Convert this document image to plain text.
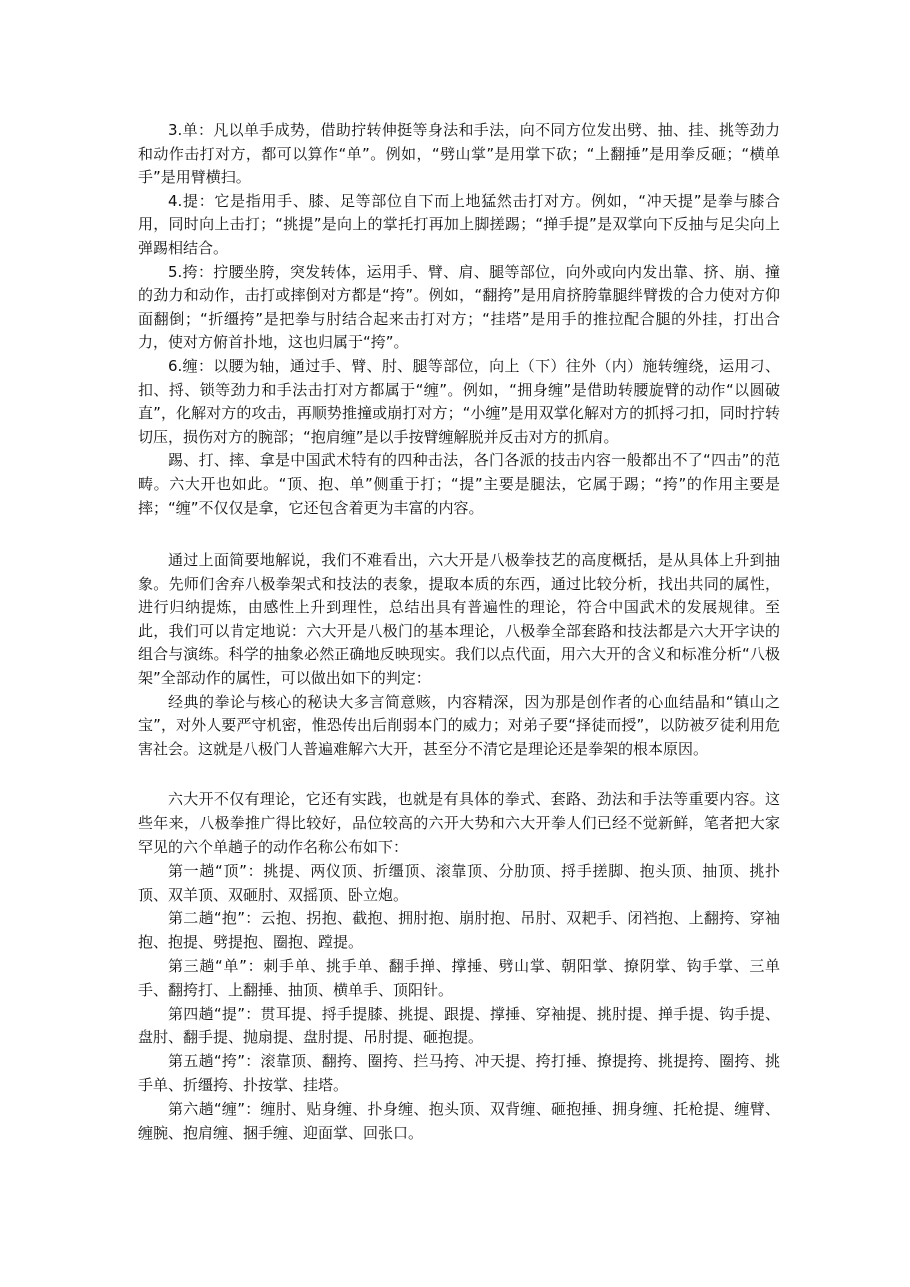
3.单：凡以单手成势，借助拧转伸挺等身法和手法，向不同方位发出劈、抽、挂、挑等劲力和动作击打对方，都可以算作“单”。例如，“劈山掌”是用掌下砍；“上翻捶”是用拳反砸；“横单手”是用臂横扫。

4.提：它是指用手、膝、足等部位自下而上地猛然击打对方。例如，“冲天提”是拳与膝合用，同时向上击打；“挑提”是向上的掌托打再加上脚搓踢；“掸手提”是双掌向下反抽与足尖向上弹踢相结合。

5.挎：拧腰坐胯，突发转体，运用手、臂、肩、腿等部位，向外或向内发出靠、挤、崩、撞的劲力和动作，击打或摔倒对方都是“挎”。例如，“翻挎”是用肩挤胯靠腿绊臂拨的合力使对方仰面翻倒；“折缰挎”是把拳与肘结合起来击打对方；“挂塔”是用手的推拉配合腿的外挂，打出合力，使对方俯首扑地，这也归属于“挎”。

6.缠：以腰为轴，通过手、臂、肘、腿等部位，向上（下）往外（内）施转缠绕，运用刁、扣、捋、锁等劲力和手法击打对方都属于“缠”。例如，“拥身缠”是借助转腰旋臂的动作“以圆破直”，化解对方的攻击，再顺势推撞或崩打对方；“小缠”是用双掌化解对方的抓捋刁扣，同时拧转切压，损伤对方的腕部；“抱肩缠”是以手按臂缠解脱并反击对方的抓肩。

踢、打、摔、拿是中国武术特有的四种击法，各门各派的技击内容一般都出不了“四击”的范畴。六大开也如此。“顶、抱、单”侧重于打；“提”主要是腿法，它属于踢；“挎”的作用主要是摔；“缠”不仅仅是拿，它还包含着更为丰富的内容。

通过上面简要地解说，我们不难看出，六大开是八极拳技艺的高度概括，是从具体上升到抽象。先师们舍弃八极拳架式和技法的表象，提取本质的东西，通过比较分析，找出共同的属性，进行归纳提炼，由感性上升到理性，总结出具有普遍性的理论，符合中国武术的发展规律。至此，我们可以肯定地说：六大开是八极门的基本理论，八极拳全部套路和技法都是六大开字诀的组合与演练。科学的抽象必然正确地反映现实。我们以点代面，用六大开的含义和标准分析“八极架”全部动作的属性，可以做出如下的判定：

经典的拳论与核心的秘诀大多言简意赅，内容精深，因为那是创作者的心血结晶和“镇山之宝”，对外人要严守机密，惟恐传出后削弱本门的威力；对弟子要“择徒而授”，以防被歹徒利用危害社会。这就是八极门人普遍难解六大开，甚至分不清它是理论还是拳架的根本原因。

六大开不仅有理论，它还有实践，也就是有具体的拳式、套路、劲法和手法等重要内容。这些年来，八极拳推广得比较好，品位较高的六开大势和六大开拳人们已经不觉新鲜，笔者把大家罕见的六个单趟子的动作名称公布如下：

第一趟“顶”：挑提、两仪顶、折缰顶、滚靠顶、分肋顶、捋手搓脚、抱头顶、抽顶、挑扑顶、双羊顶、双砸肘、双摇顶、卧立炮。

第二趟“抱”：云抱、拐抱、截抱、拥肘抱、崩肘抱、吊肘、双耙手、闭裆抱、上翻挎、穿袖抱、抱提、劈提抱、圈抱、蹚提。

第三趟“单”：刺手单、挑手单、翻手掸、撑捶、劈山掌、朝阳掌、撩阴掌、钩手掌、三单手、翻挎打、上翻捶、抽顶、横单手、顶阳针。

第四趟“提”：贯耳提、捋手提膝、挑提、跟提、撑捶、穿袖提、挑肘提、掸手提、钩手提、盘肘、翻手提、抛扇提、盘肘提、吊肘提、砸抱提。

第五趟“挎”：滚靠顶、翻挎、圈挎、拦马挎、冲天提、挎打捶、撩提挎、挑提挎、圈挎、挑手单、折缰挎、扑按掌、挂塔。

第六趟“缠”：缠肘、贴身缠、扑身缠、抱头顶、双背缠、砸抱捶、拥身缠、托枪提、缠臂、缠腕、抱肩缠、捆手缠、迎面掌、回张口。
